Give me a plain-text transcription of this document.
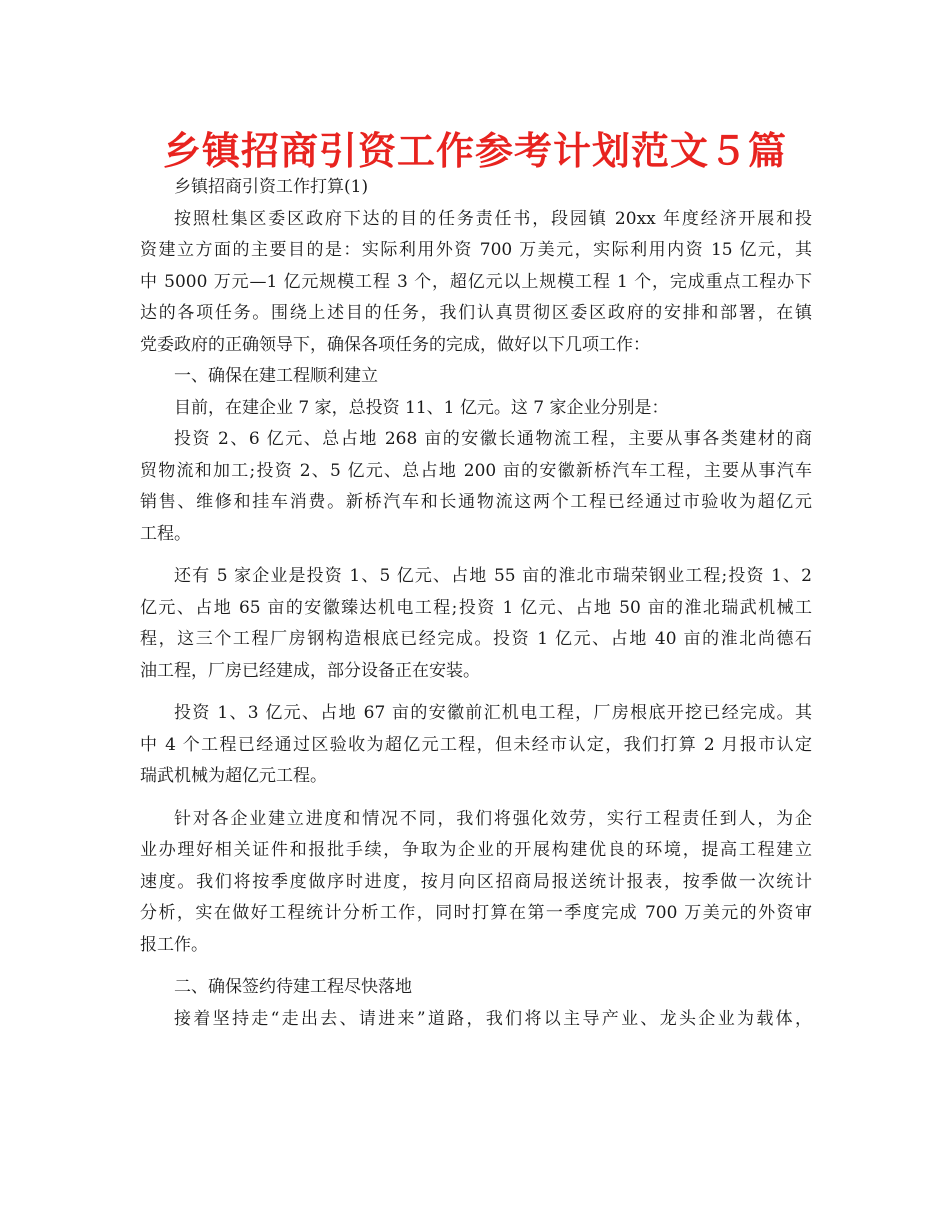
乡镇招商引资工作参考计划范文５篇
乡镇招商引资工作打算(1)
按照杜集区委区政府下达的目的任务责任书，段园镇 20xx 年度经济开展和投
资建立方面的主要目的是：实际利用外资 700 万美元，实际利用内资 15 亿元，其
中 5000 万元—1 亿元规模工程 3 个，超亿元以上规模工程 1 个，完成重点工程办下
达的各项任务。围绕上述目的任务，我们认真贯彻区委区政府的安排和部署，在镇
党委政府的正确领导下，确保各项任务的完成，做好以下几项工作：
一、确保在建工程顺利建立
目前，在建企业 7 家，总投资 11、1 亿元。这 7 家企业分别是：
投资 2、6 亿元、总占地 268 亩的安徽长通物流工程，主要从事各类建材的商
贸物流和加工;投资 2、5 亿元、总占地 200 亩的安徽新桥汽车工程，主要从事汽车
销售、维修和挂车消费。新桥汽车和长通物流这两个工程已经通过市验收为超亿元
工程。
还有 5 家企业是投资 1、5 亿元、占地 55 亩的淮北市瑞荣钢业工程;投资 1、2
亿元、占地 65 亩的安徽臻达机电工程;投资 1 亿元、占地 50 亩的淮北瑞武机械工
程，这三个工程厂房钢构造根底已经完成。投资 1 亿元、占地 40 亩的淮北尚德石
油工程，厂房已经建成，部分设备正在安装。
投资 1、3 亿元、占地 67 亩的安徽前汇机电工程，厂房根底开挖已经完成。其
中 4 个工程已经通过区验收为超亿元工程，但未经市认定，我们打算 2 月报市认定
瑞武机械为超亿元工程。
针对各企业建立进度和情况不同，我们将强化效劳，实行工程责任到人，为企
业办理好相关证件和报批手续，争取为企业的开展构建优良的环境，提高工程建立
速度。我们将按季度做序时进度，按月向区招商局报送统计报表，按季做一次统计
分析，实在做好工程统计分析工作，同时打算在第一季度完成 700 万美元的外资审
报工作。
二、确保签约待建工程尽快落地
接着坚持走“走出去、请进来”道路，我们将以主导产业、龙头企业为载体，
